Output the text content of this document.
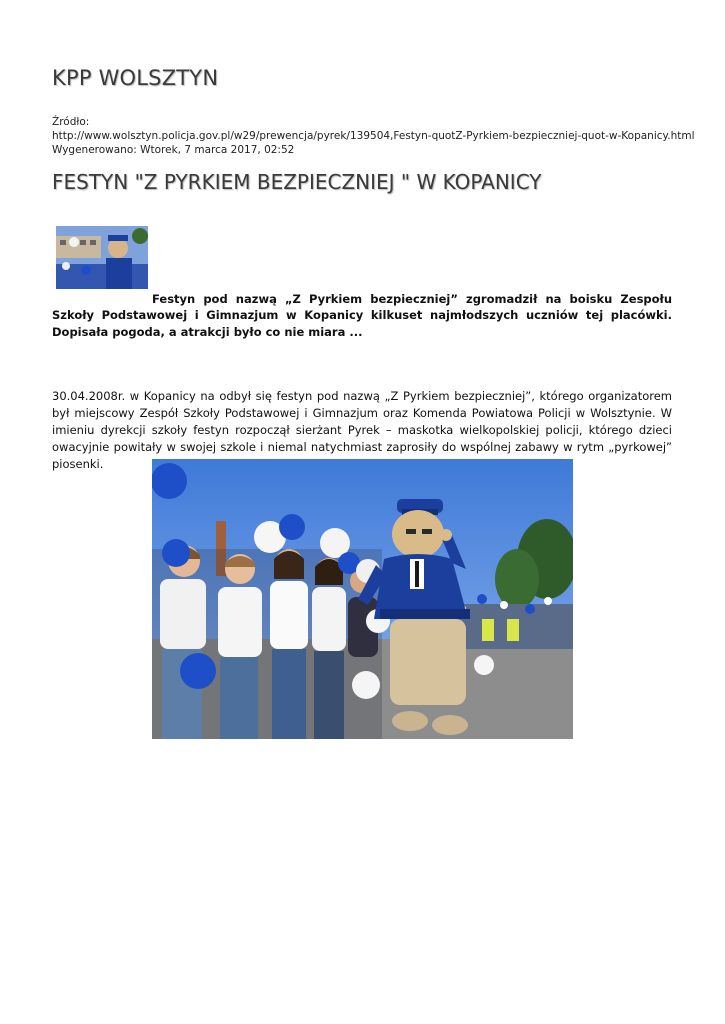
KPP WOLSZTYN
Źródło:
http://www.wolsztyn.policja.gov.pl/w29/prewencja/pyrek/139504,Festyn-quotZ-Pyrkiem-bezpieczniej-quot-w-Kopanicy.html
Wygenerowano: Wtorek, 7 marca 2017, 02:52
FESTYN "Z PYRKIEM BEZPIECZNIEJ " W KOPANICY

Festyn pod nazwą „Z Pyrkiem bezpieczniej” zgromadził na boisku Zespołu Szkoły Podstawowej i Gimnazjum w Kopanicy kilkuset najmłodszych uczniów tej placówki. Dopisała pogoda, a atrakcji było co nie miara ...

30.04.2008r. w Kopanicy na odbył się festyn pod nazwą „Z Pyrkiem bezpieczniej”, którego organizatorem był miejscowy Zespół Szkoły Podstawowej i Gimnazjum oraz Komenda Powiatowa Policji w Wolsztynie. W imieniu dyrekcji szkoły festyn rozpoczął sierżant Pyrek – maskotka wielkopolskiej policji, którego dzieci owacyjnie powitały w swojej szkole i niemal natychmiast zaprosiły do wspólnej zabawy w rytm „pyrkowej” piosenki.
